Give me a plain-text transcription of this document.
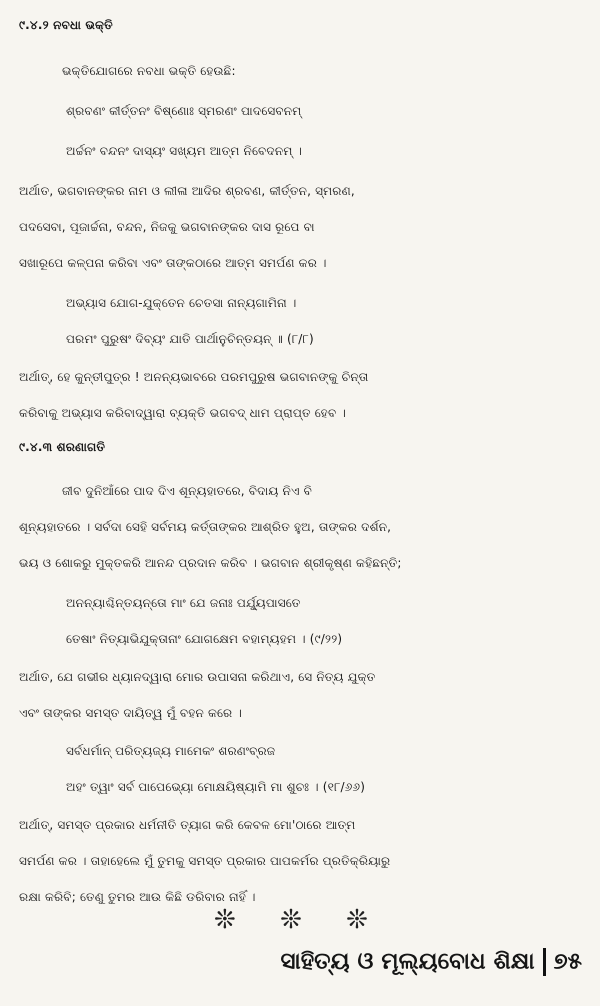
୯.୪.୨ ନବଧା ଭକ୍ତି
ଭକ୍ତିଯୋଗରେ ନବଧା ଭକ୍ତି ହେଉଛି:
ଶ୍ରବଣଂ କୀର୍ତ୍ତନଂ ବିଷ୍ଣୋଃ ସ୍ମରଣଂ ପାଦସେବନମ୍
ଅର୍ଚ୍ଚନଂ ବନ୍ଦନଂ ଦାସ୍ୟଂ ସଖ୍ୟମ ଆତ୍ମ ନିବେଦନମ୍ ।
ଅର୍ଥାତ, ଭଗବାନଙ୍କର ନାମ ଓ ଲୀଳା ଆଦିର ଶ୍ରବଣ, କୀର୍ତ୍ତନ, ସ୍ମରଣ,
ପଦସେବା, ପୂଜାର୍ଚ୍ଚନା, ବନ୍ଦନ, ନିଜକୁ ଭଗବାନଙ୍କର ଦାସ ରୂପେ ବା
ସଖାରୂପେ କଳ୍ପନା କରିବା ଏବଂ ତାଙ୍କଠାରେ ଆତ୍ମ ସମର୍ପଣ କର ।
ଅଭ୍ୟାସ ଯୋଗ-ଯୁକ୍ତେନ ଚେତସା ନାନ୍ୟଗାମିନା ।
ପରମଂ ପୁରୁଷଂ ଦିବ୍ୟଂ ଯାତି ପାର୍ଥାନୁଚିନ୍ତୟନ୍ ॥ (୮/୮)
ଅର୍ଥାତ୍, ହେ କୁନ୍ତୀପୁତ୍ର ! ଅନନ୍ୟଭାବରେ ପରମପୁରୁଷ ଭଗବାନଙ୍କୁ ଚିନ୍ତା
କରିବାକୁ ଅଭ୍ୟାସ କରିବାଦ୍ୱାରା ବ୍ୟକ୍ତି ଭଗବଦ୍ ଧାମ ପ୍ରାପ୍ତ ହେବ ।
୯.୪.୩ ଶରଣାଗତି
ଜୀବ ଦୁନିଆଁରେ ପାଦ ଦିଏ ଶୂନ୍ୟହାତରେ, ବିଦାୟ ନିଏ ବି
ଶୂନ୍ୟହାତରେ । ସର୍ବଦା ସେହି ସର୍ବମୟ କର୍ତ୍ତାଙ୍କର ଆଶ୍ରିତ ହୁଅ, ତାଙ୍କର ଦର୍ଶନ,
ଭୟ ଓ ଶୋକରୁ ମୁକ୍ତକରି ଆନନ୍ଦ ପ୍ରଦାନ କରିବ । ଭଗବାନ ଶ୍ରୀକୃଷ୍ଣ କହିଛନ୍ତି;
ଅନନ୍ୟାଶ୍ଚିନ୍ତୟନ୍ତୋ ମାଂ ଯେ ଜନାଃ ପର୍ଯ୍ୟୁପାସତେ
ତେଷାଂ ନିତ୍ୟାଭିଯୁକ୍ତାନାଂ ଯୋଗକ୍ଷେମ ବହାମ୍ୟହମ । (୯/୨୨)
ଅର୍ଥାତ, ଯେ ଗଭୀର ଧ୍ୟାନଦ୍ୱାରା ମୋର ଉପାସନା କରିଥାଏ, ସେ ନିତ୍ୟ ଯୁକ୍ତ
ଏବଂ ତାଙ୍କର ସମସ୍ତ ଦାୟିତ୍ୱ ମୁଁ ବହନ କରେ ।
ସର୍ବଧର୍ମାନ୍ ପରିତ୍ୟଜ୍ୟ ମାମେକଂ ଶରଣଂବ୍ରଜ
ଅହଂ ତ୍ୱାଂ ସର୍ବ ପାପେଭ୍ୟୋ ମୋକ୍ଷୟିଷ୍ୟାମି ମା ଶୁଚଃ । (୧୮/୬୬)
ଅର୍ଥାତ୍, ସମସ୍ତ ପ୍ରକାର ଧର୍ମନୀତି ତ୍ୟାଗ କରି କେବଳ ମୋ'ଠାରେ ଆତ୍ମ
ସମର୍ପଣ କର । ତାହାହେଲେ ମୁଁ ତୁମକୁ ସମସ୍ତ ପ୍ରକାର ପାପକର୍ମର ପ୍ରତିକ୍ରିୟାରୁ
ରକ୍ଷା କରିବି; ତେଣୁ ତୁମର ଆଉ କିଛି ଡରିବାର ନାହିଁ ।
❊ ❊ ❊
ସାହିତ୍ୟ ଓ ମୂଲ୍ୟବୋଧ ଶିକ୍ଷା ୭୫
